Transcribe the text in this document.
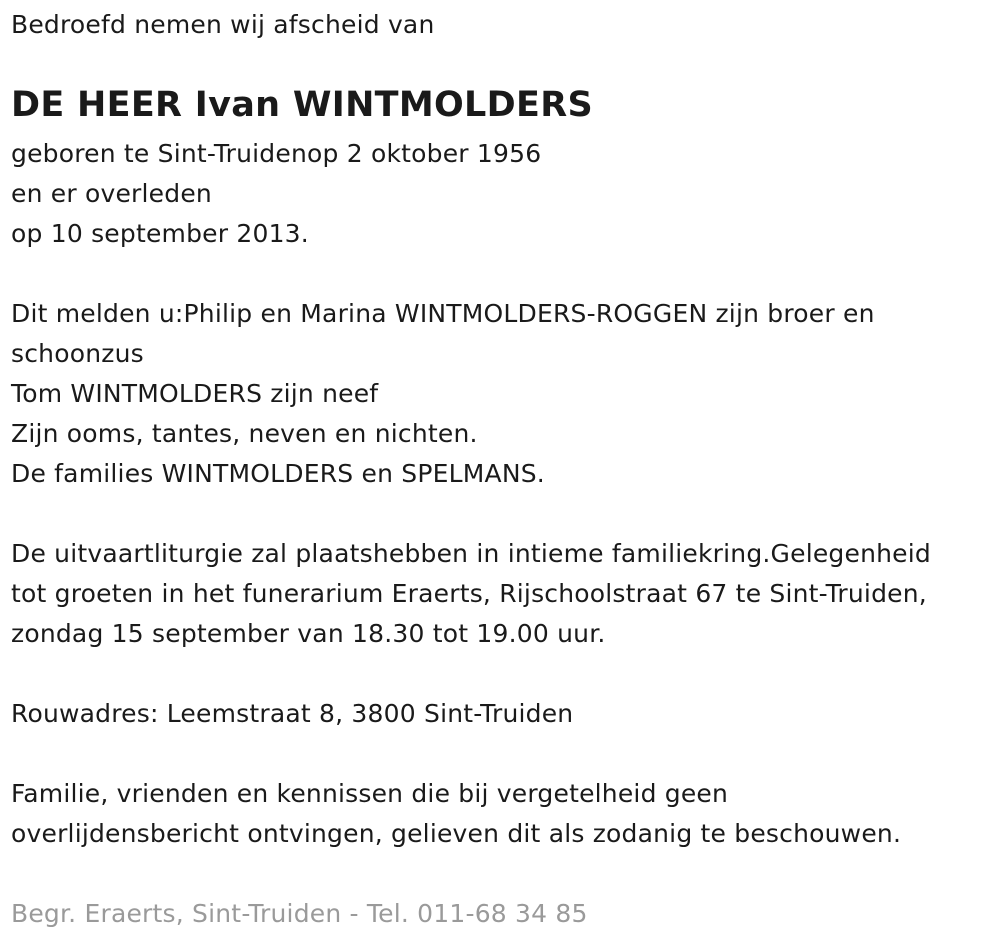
Bedroefd nemen wij afscheid van
DE HEER Ivan WINTMOLDERS
geboren te Sint-Truidenop 2 oktober 1956
en er overleden
op 10 september 2013.
Dit melden u:Philip en Marina WINTMOLDERS-ROGGEN zijn broer en
schoonzus
Tom WINTMOLDERS zijn neef
Zijn ooms, tantes, neven en nichten.
De families WINTMOLDERS en SPELMANS.
De uitvaartliturgie zal plaatshebben in intieme familiekring.Gelegenheid
tot groeten in het funerarium Eraerts, Rijschoolstraat 67 te Sint-Truiden,
zondag 15 september van 18.30 tot 19.00 uur.
Rouwadres: Leemstraat 8, 3800 Sint-Truiden
Familie, vrienden en kennissen die bij vergetelheid geen
overlijdensbericht ontvingen, gelieven dit als zodanig te beschouwen.
Begr. Eraerts, Sint-Truiden - Tel. 011-68 34 85
